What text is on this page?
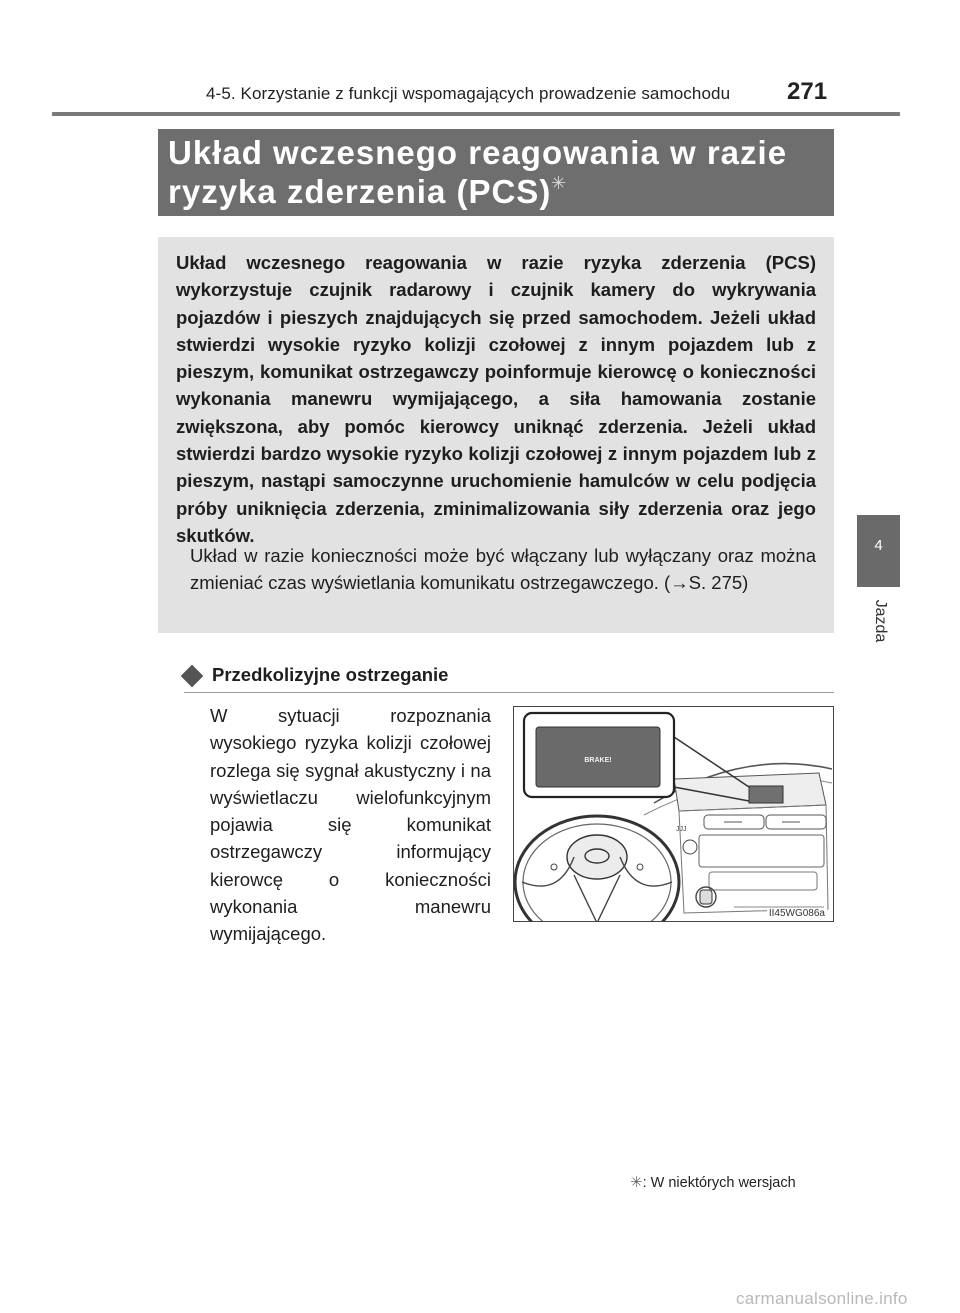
4-5. Korzystanie z funkcji wspomagających prowadzenie samochodu 271
4
Jazda
Układ wczesnego reagowania w razie
ryzyka zderzenia (PCS) ✳
Układ wczesnego reagowania w razie ryzyka zderzenia (PCS) wykorzystuje czujnik radarowy i czujnik kamery do wykrywania pojazdów i pieszych znajdujących się przed samochodem. Jeżeli układ stwierdzi wysokie ryzyko kolizji czołowej z innym pojazdem lub z pieszym, komunikat ostrzegawczy poinformuje kierowcę o konieczności wykonania manewru wymijającego, a siła hamowania zostanie zwiększona, aby pomóc kierowcy uniknąć zderzenia. Jeżeli układ stwierdzi bardzo wysokie ryzyko kolizji czołowej z innym pojazdem lub z pieszym, nastąpi samoczynne uruchomienie hamulców w celu podjęcia próby uniknięcia zderzenia, zminimalizowania siły zderzenia oraz jego skutków.
Układ w razie konieczności może być włączany lub wyłączany oraz można zmieniać czas wyświetlania komunikatu ostrzegawczego. (→S. 275)
Przedkolizyjne ostrzeganie
W sytuacji rozpoznania wysokiego ryzyka kolizji czołowej rozlega się sygnał akustyczny i na wyświetlaczu wielofunkcyjnym pojawia się komunikat ostrzegawczy informujący kierowcę o konieczności wykonania manewru wymijającego.
BRAKE!
JJJ
II45WG086a
✳: W niektórych wersjach
carmanualsonline.info
